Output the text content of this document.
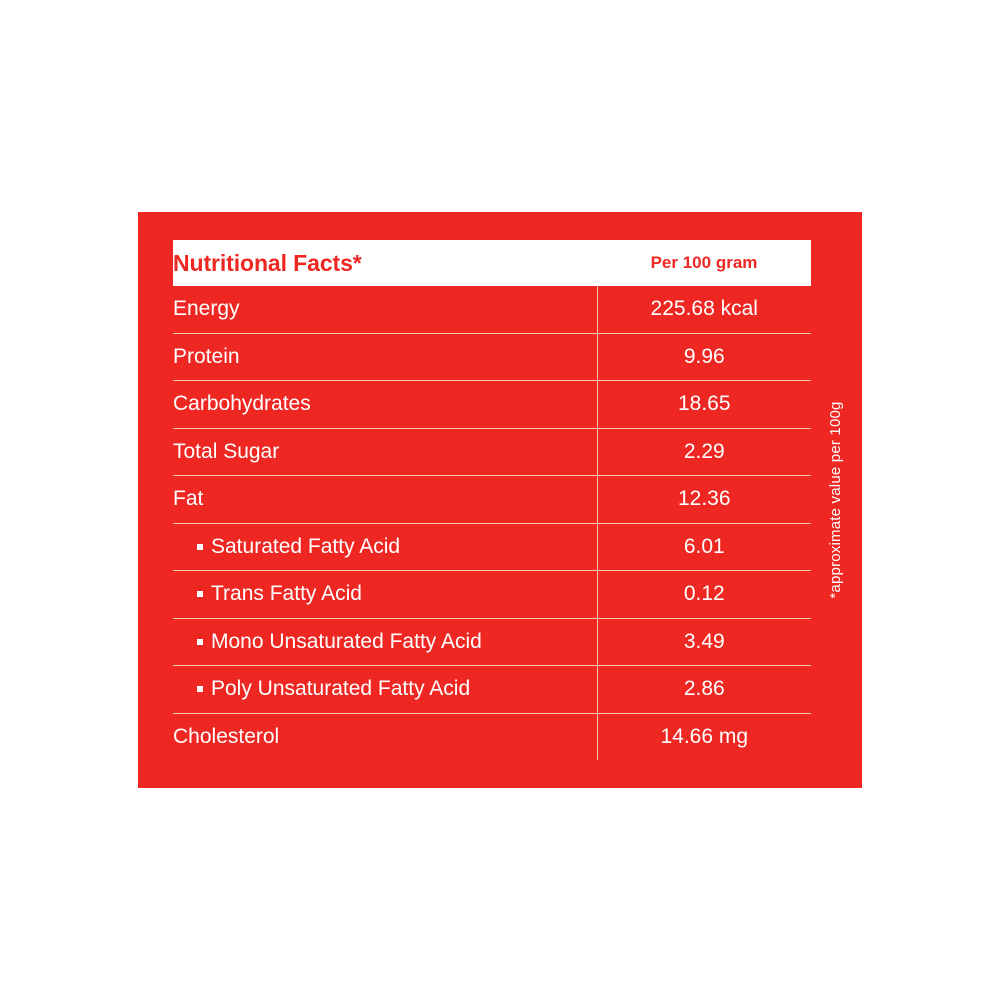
Nutritional Facts*	Per 100 gram
Energy	225.68 kcal
Protein	9.96
Carbohydrates	18.65
Total Sugar	2.29
Fat	12.36
Saturated Fatty Acid	6.01
Trans Fatty Acid	0.12
Mono Unsaturated Fatty Acid	3.49
Poly Unsaturated Fatty Acid	2.86
Cholesterol	14.66 mg
*approximate value per 100g
